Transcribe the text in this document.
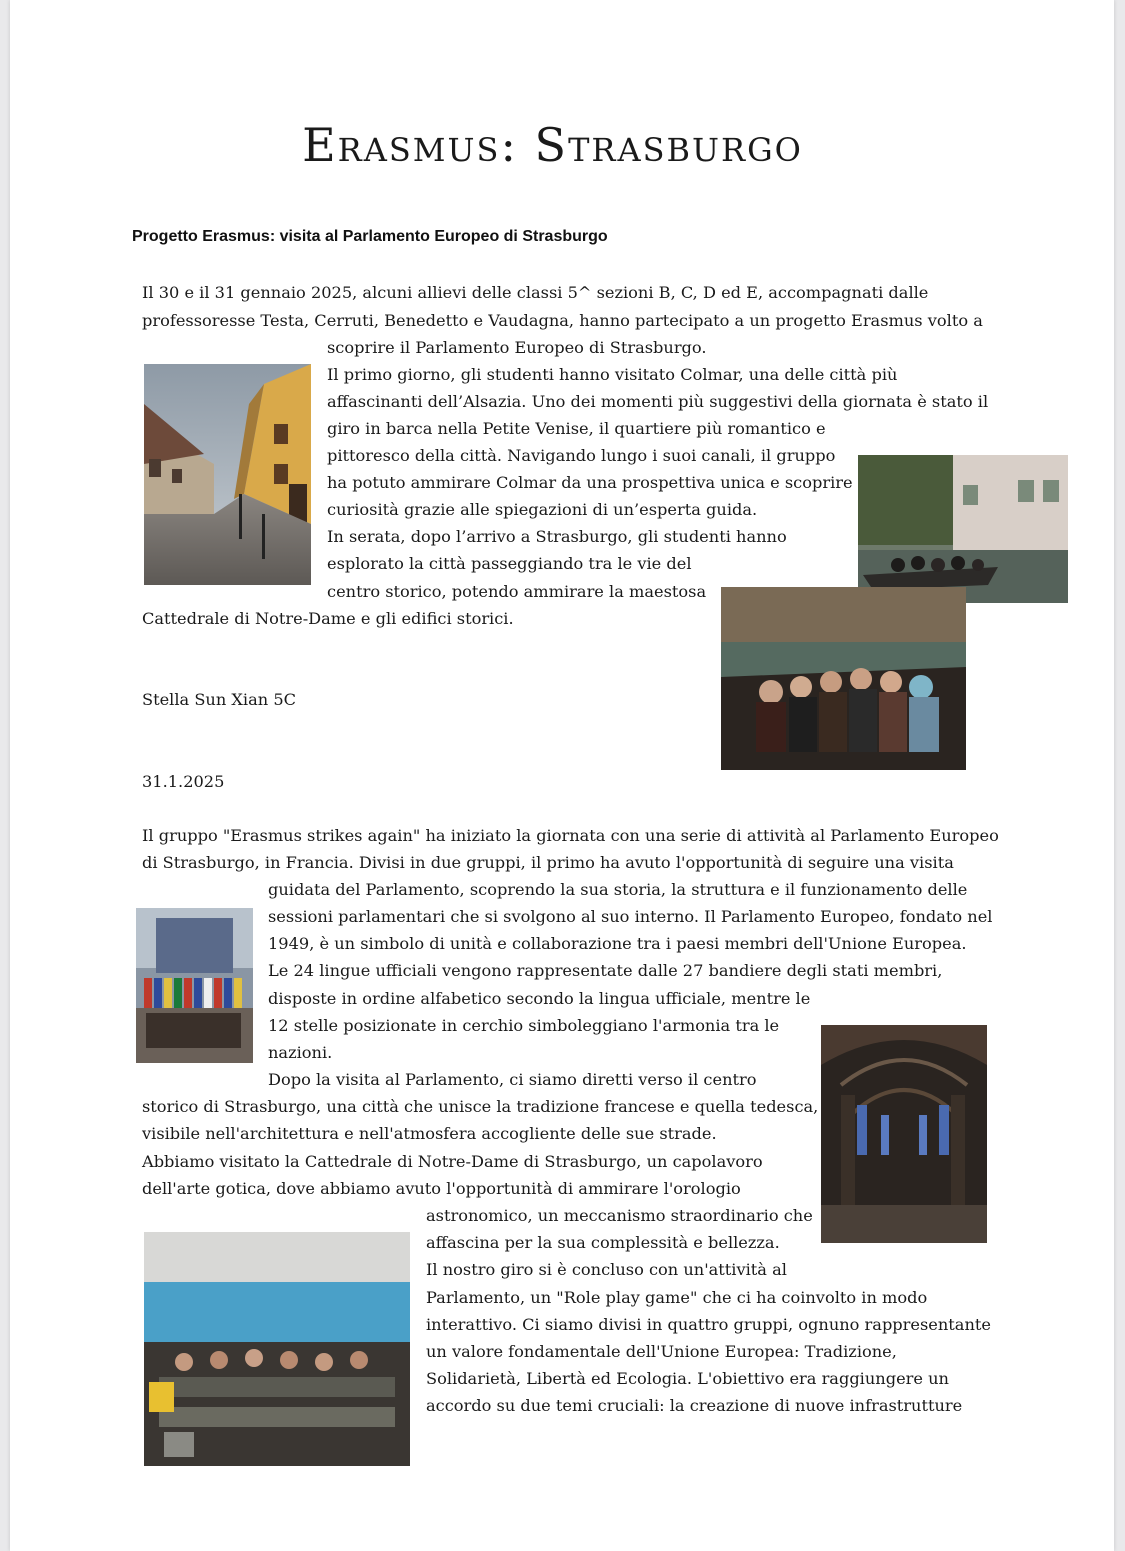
Erasmus: Strasburgo
Progetto Erasmus: visita al Parlamento Europeo di Strasburgo
Il 30 e il 31 gennaio 2025, alcuni allievi delle classi 5^ sezioni B, C, D ed E, accompagnati dalle
professoresse Testa, Cerruti, Benedetto e Vaudagna, hanno partecipato a un progetto Erasmus volto a
scoprire il Parlamento Europeo di Strasburgo.
Il primo giorno, gli studenti hanno visitato Colmar, una delle città più
affascinanti dell’Alsazia. Uno dei momenti più suggestivi della giornata è stato il
giro in barca nella Petite Venise, il quartiere più romantico e
pittoresco della città. Navigando lungo i suoi canali, il gruppo
ha potuto ammirare Colmar da una prospettiva unica e scoprire
curiosità grazie alle spiegazioni di un’esperta guida.
In serata, dopo l’arrivo a Strasburgo, gli studenti hanno
esplorato la città passeggiando tra le vie del
centro storico, potendo ammirare la maestosa
Cattedrale di Notre-Dame e gli edifici storici.
Stella Sun Xian 5C
31.1.2025
Il gruppo "Erasmus strikes again" ha iniziato la giornata con una serie di attività al Parlamento Europeo
di Strasburgo, in Francia. Divisi in due gruppi, il primo ha avuto l'opportunità di seguire una visita
guidata del Parlamento, scoprendo la sua storia, la struttura e il funzionamento delle
sessioni parlamentari che si svolgono al suo interno. Il Parlamento Europeo, fondato nel
1949, è un simbolo di unità e collaborazione tra i paesi membri dell'Unione Europea.
Le 24 lingue ufficiali vengono rappresentate dalle 27 bandiere degli stati membri,
disposte in ordine alfabetico secondo la lingua ufficiale, mentre le
12 stelle posizionate in cerchio simboleggiano l'armonia tra le
nazioni.
Dopo la visita al Parlamento, ci siamo diretti verso il centro
storico di Strasburgo, una città che unisce la tradizione francese e quella tedesca,
visibile nell'architettura e nell'atmosfera accogliente delle sue strade.
Abbiamo visitato la Cattedrale di Notre-Dame di Strasburgo, un capolavoro
dell'arte gotica, dove abbiamo avuto l'opportunità di ammirare l'orologio
astronomico, un meccanismo straordinario che
affascina per la sua complessità e bellezza.
Il nostro giro si è concluso con un'attività al
Parlamento, un "Role play game" che ci ha coinvolto in modo
interattivo. Ci siamo divisi in quattro gruppi, ognuno rappresentante
un valore fondamentale dell'Unione Europea: Tradizione,
Solidarietà, Libertà ed Ecologia. L'obiettivo era raggiungere un
accordo su due temi cruciali: la creazione di nuove infrastrutture
